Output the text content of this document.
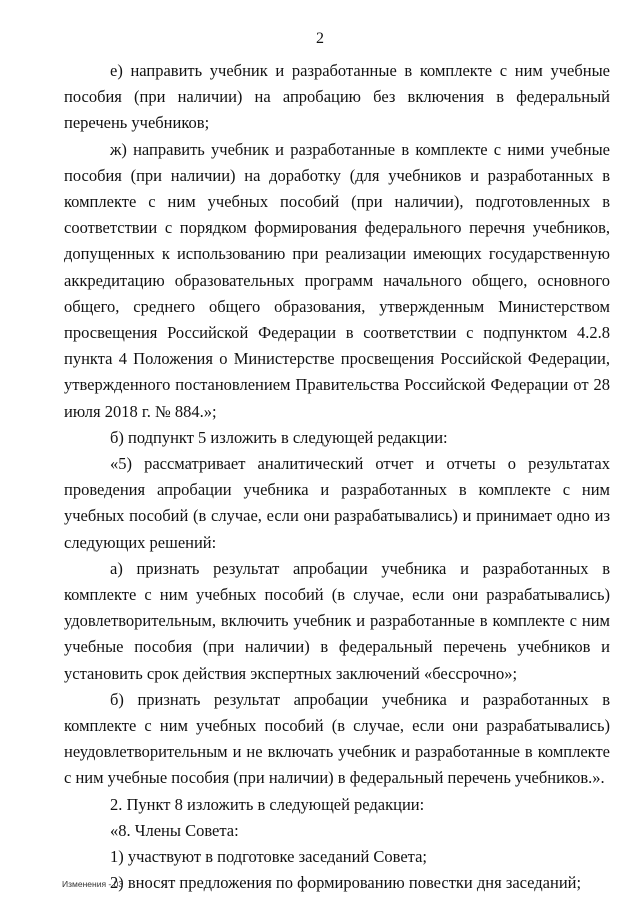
2

е) направить учебник и разработанные в комплекте с ним учебные пособия (при наличии) на апробацию без включения в федеральный перечень учебников;

ж) направить учебник и разработанные в комплекте с ними учебные пособия (при наличии) на доработку (для учебников и разработанных в комплекте с ним учебных пособий (при наличии), подготовленных в соответствии с порядком формирования федерального перечня учебников, допущенных к использованию при реализации имеющих государственную аккредитацию образовательных программ начального общего, основного общего, среднего общего образования, утвержденным Министерством просвещения Российской Федерации в соответствии с подпунктом 4.2.8 пункта 4 Положения о Министерстве просвещения Российской Федерации, утвержденного постановлением Правительства Российской Федерации от 28 июля 2018 г. № 884.»;

б) подпункт 5 изложить в следующей редакции:

«5) рассматривает аналитический отчет и отчеты о результатах проведения апробации учебника и разработанных в комплекте с ним учебных пособий (в случае, если они разрабатывались) и принимает одно из следующих решений:

а) признать результат апробации учебника и разработанных в комплекте с ним учебных пособий (в случае, если они разрабатывались) удовлетворительным, включить учебник и разработанные в комплекте с ним учебные пособия (при наличии) в федеральный перечень учебников и установить срок действия экспертных заключений «бессрочно»;

б) признать результат апробации учебника и разработанных в комплекте с ним учебных пособий (в случае, если они разрабатывались) неудовлетворительным и не включать учебник и разработанные в комплекте с ним учебные пособия (при наличии) в федеральный перечень учебников.».

2. Пункт 8 изложить в следующей редакции:

«8. Члены Совета:

1) участвуют в подготовке заседаний Совета;

2) вносят предложения по формированию повестки дня заседаний;

Изменения - 03
